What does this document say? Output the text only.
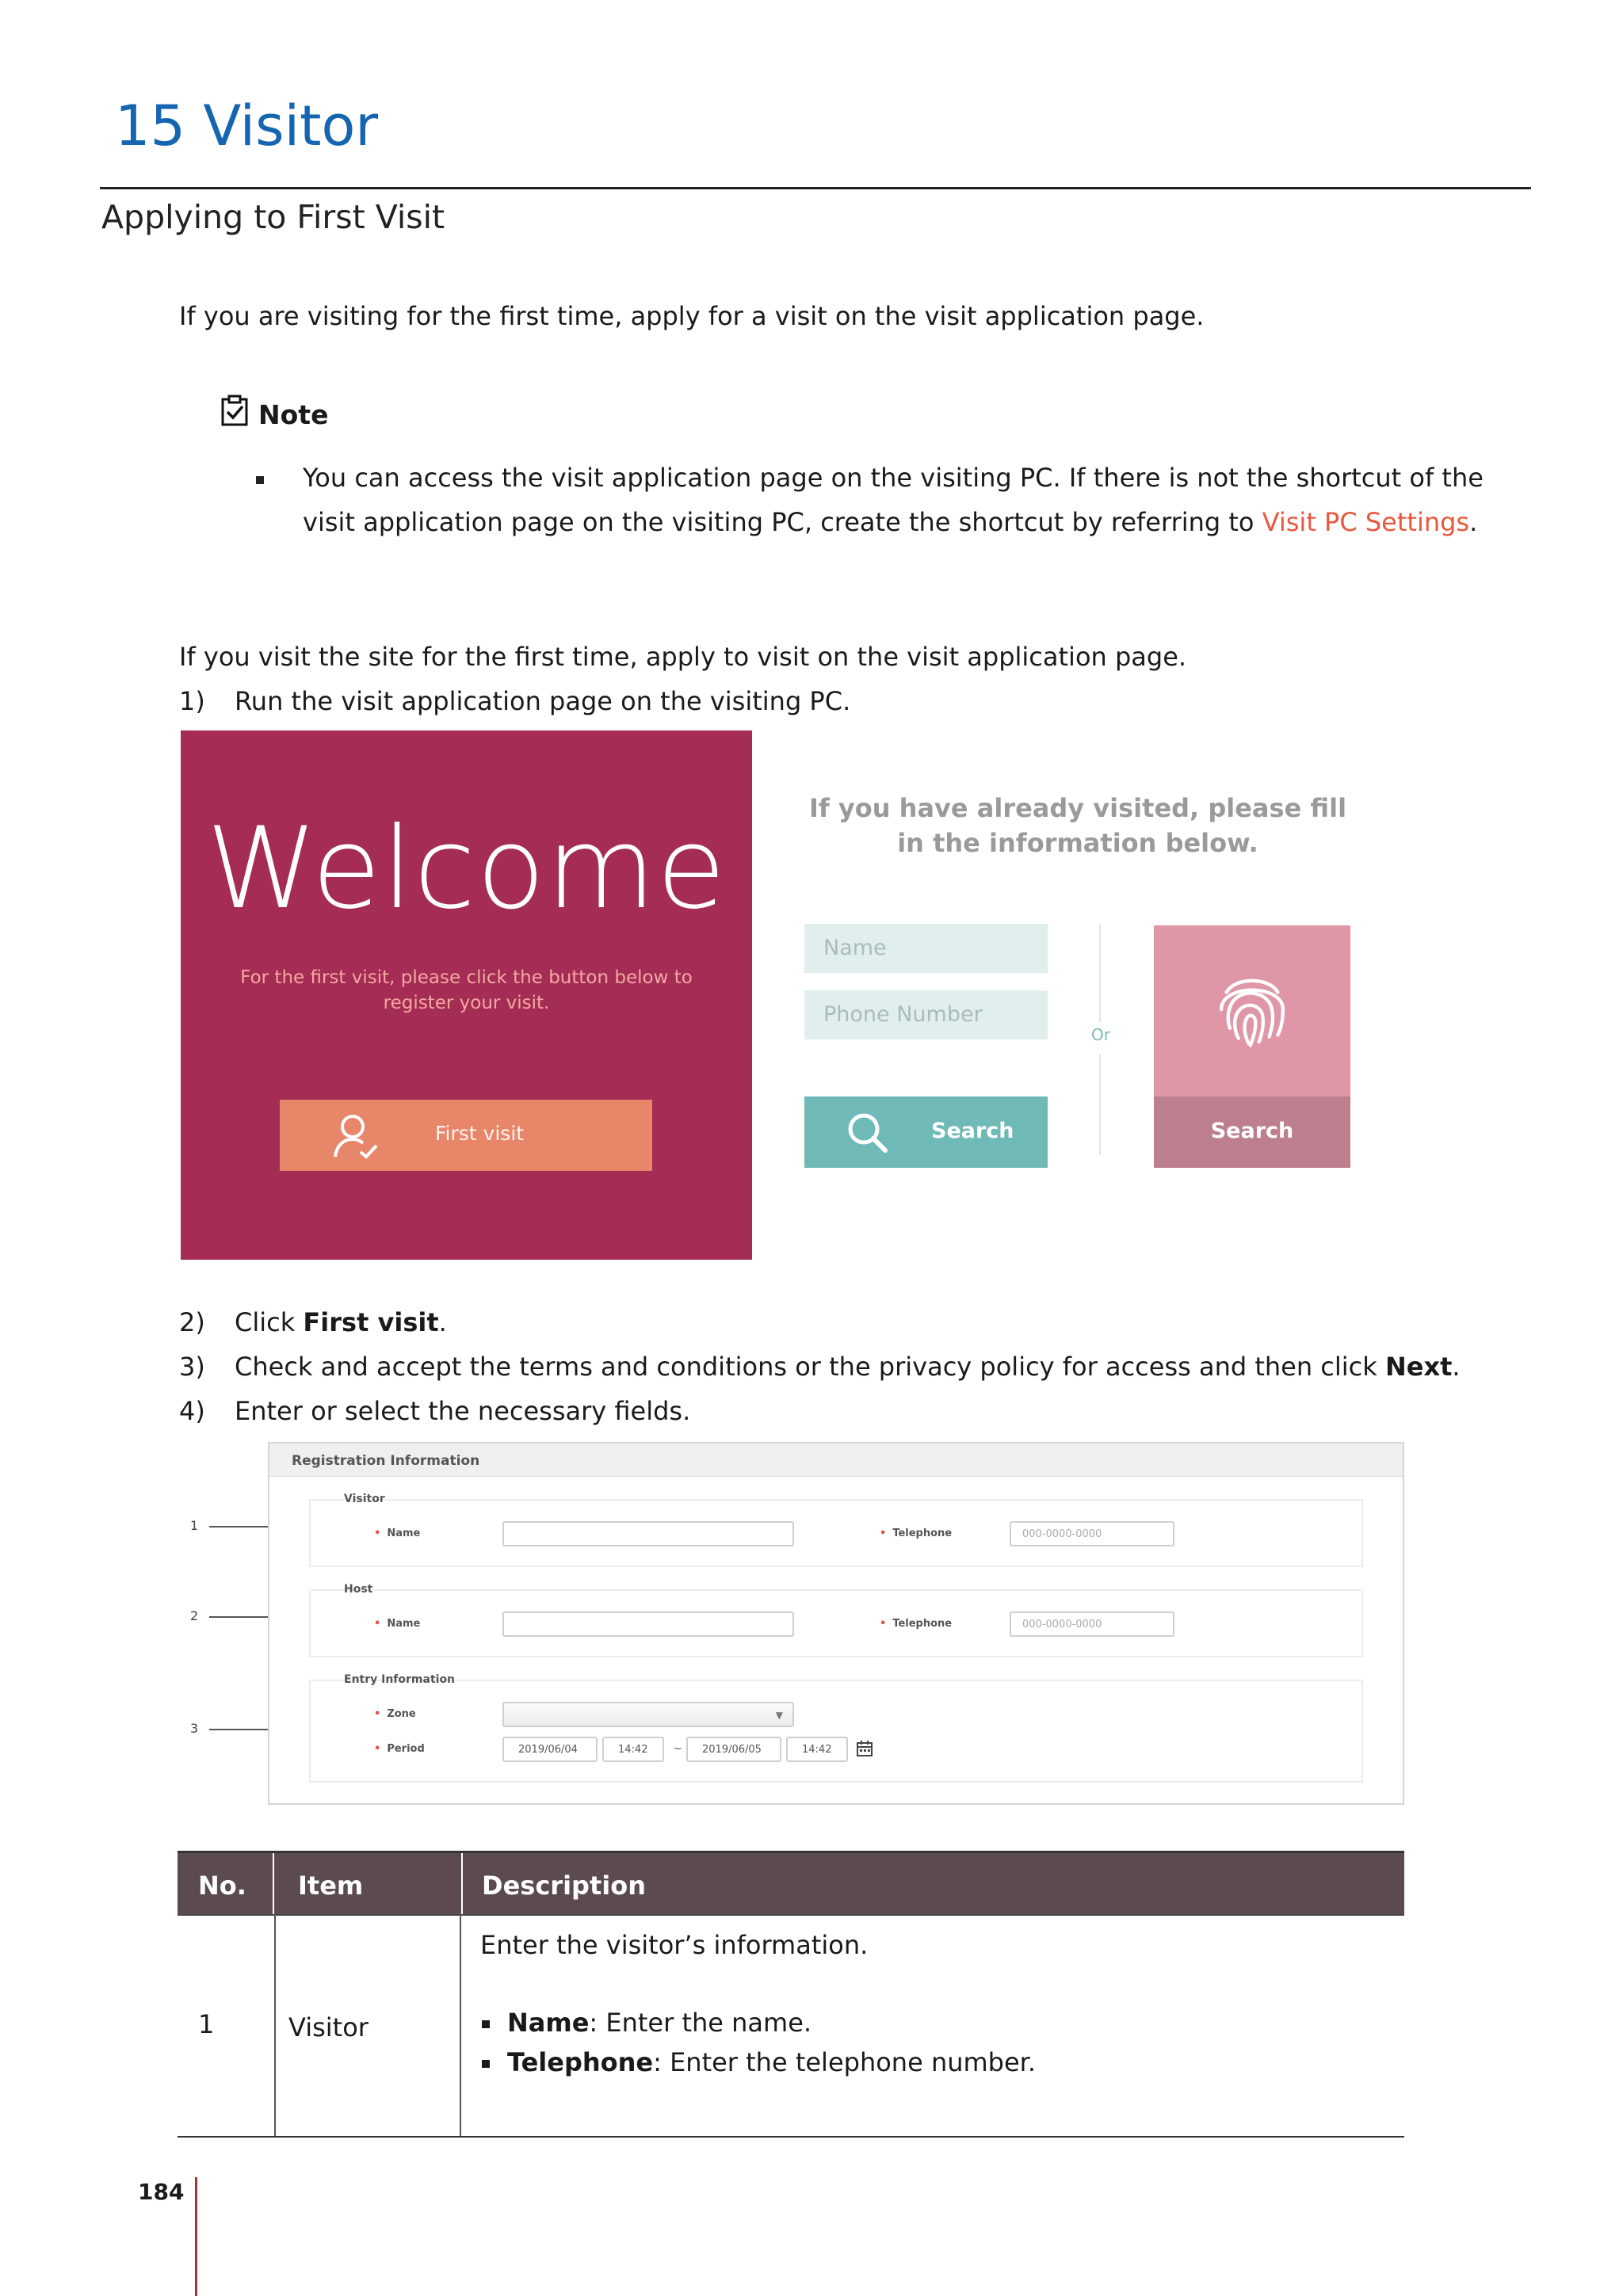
15 Visitor
Applying to First Visit
If you are visiting for the first time, apply for a visit on the visit application page.
Note
You can access the visit application page on the visiting PC. If there is not the shortcut of the
visit application page on the visiting PC, create the shortcut by referring to Visit PC Settings.
If you visit the site for the first time, apply to visit on the visit application page.
1) Run the visit application page on the visiting PC.
Welcome
For the first visit, please click the button below to register your visit.
First visit
If you have already visited, please fill in the information below.
Name
Phone Number
Search
Or
Search
2) Click First visit.
3) Check and accept the terms and conditions or the privacy policy for access and then click Next.
4) Enter or select the necessary fields.
1
2
3
Registration Information
Visitor
• Name	• Telephone	000-0000-0000
Host
• Name	• Telephone	000-0000-0000
Entry Information
• Zone	▼
• Period	2019/06/04	14:42	~ 2019/06/05	14:42
No. Item	Description
1	Visitor
Enter the visitor’s information.
Name: Enter the name.
Telephone: Enter the telephone number.
184
